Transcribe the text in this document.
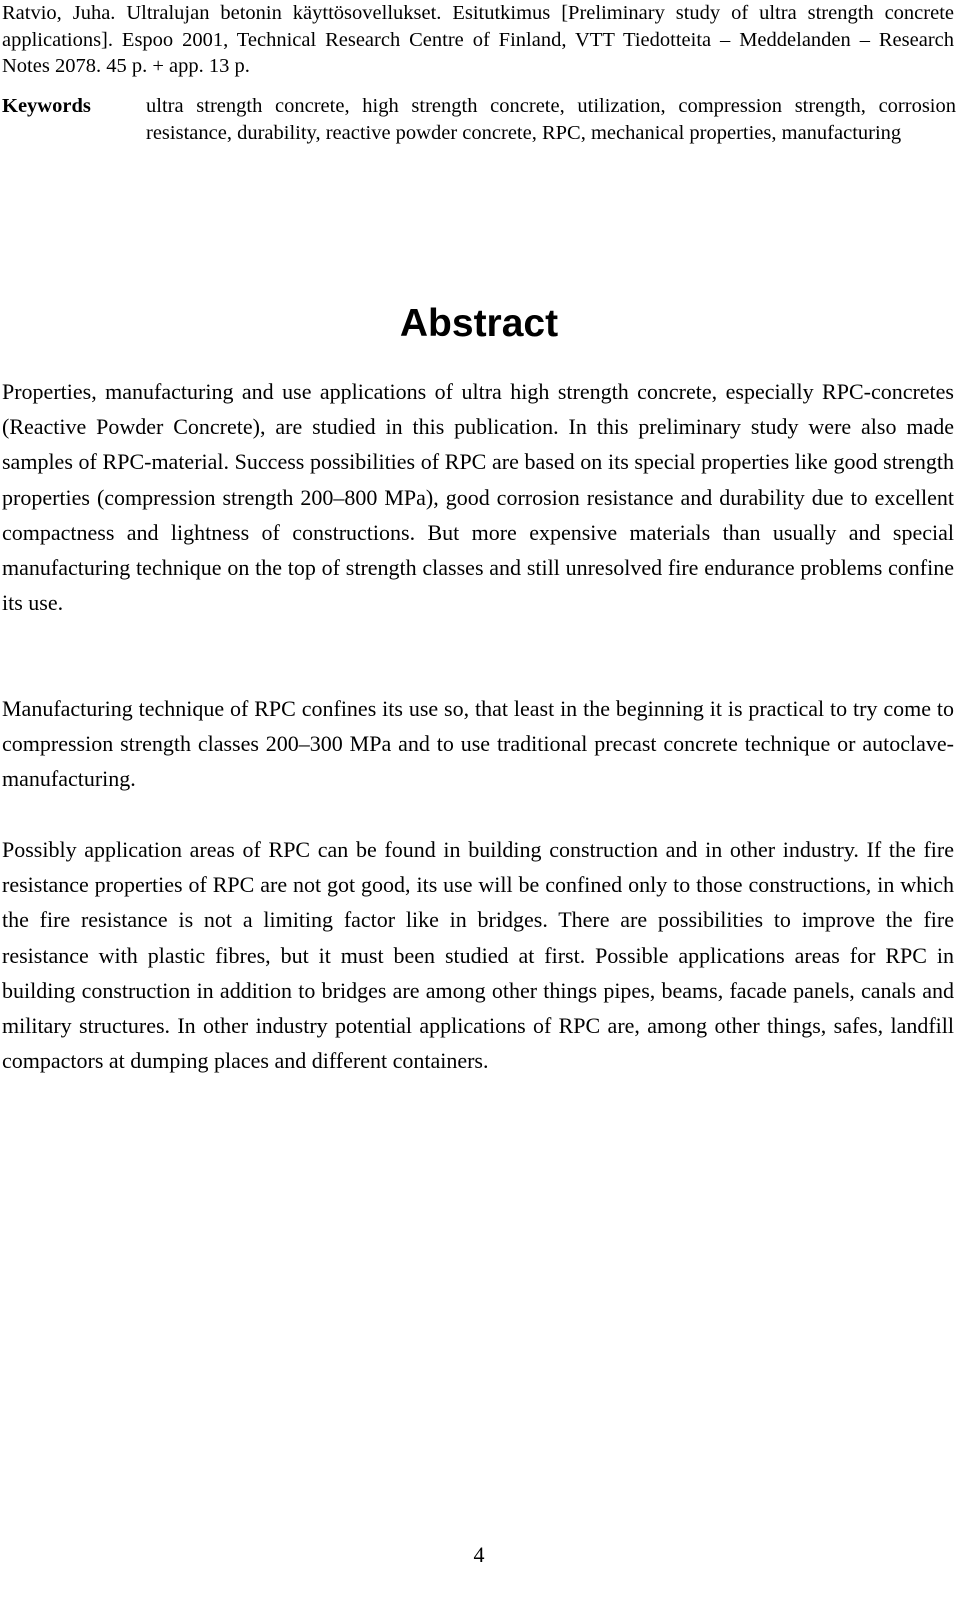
Ratvio, Juha. Ultralujan betonin käyttösovellukset. Esitutkimus [Preliminary study of ultra strength concrete applications]. Espoo 2001, Technical Research Centre of Finland, VTT Tiedotteita – Meddelanden – Research Notes 2078. 45 p. + app. 13 p.
Keywords	ultra strength concrete, high strength concrete, utilization, compression strength, corrosion resistance, durability, reactive powder concrete, RPC, mechanical properties, manufacturing
Abstract

Properties, manufacturing and use applications of ultra high strength concrete, especially RPC-concretes (Reactive Powder Concrete), are studied in this publication. In this preliminary study were also made samples of RPC-material. Success possibilities of RPC are based on its special properties like good strength properties (compression strength 200–800 MPa), good corrosion resistance and durability due to excellent compactness and lightness of constructions. But more expensive materials than usually and special manufacturing technique on the top of strength classes and still unresolved fire endurance problems confine its use.

Manufacturing technique of RPC confines its use so, that least in the beginning it is practical to try come to compression strength classes 200–300 MPa and to use traditional precast concrete technique or autoclave-manufacturing.

Possibly application areas of RPC can be found in building construction and in other industry. If the fire resistance properties of RPC are not got good, its use will be confined only to those constructions, in which the fire resistance is not a limiting factor like in bridges. There are possibilities to improve the fire resistance with plastic fibres, but it must been studied at first. Possible applications areas for RPC in building construction in addition to bridges are among other things pipes, beams, facade panels, canals and military structures. In other industry potential applications of RPC are, among other things, safes, landfill compactors at dumping places and different containers.

4
